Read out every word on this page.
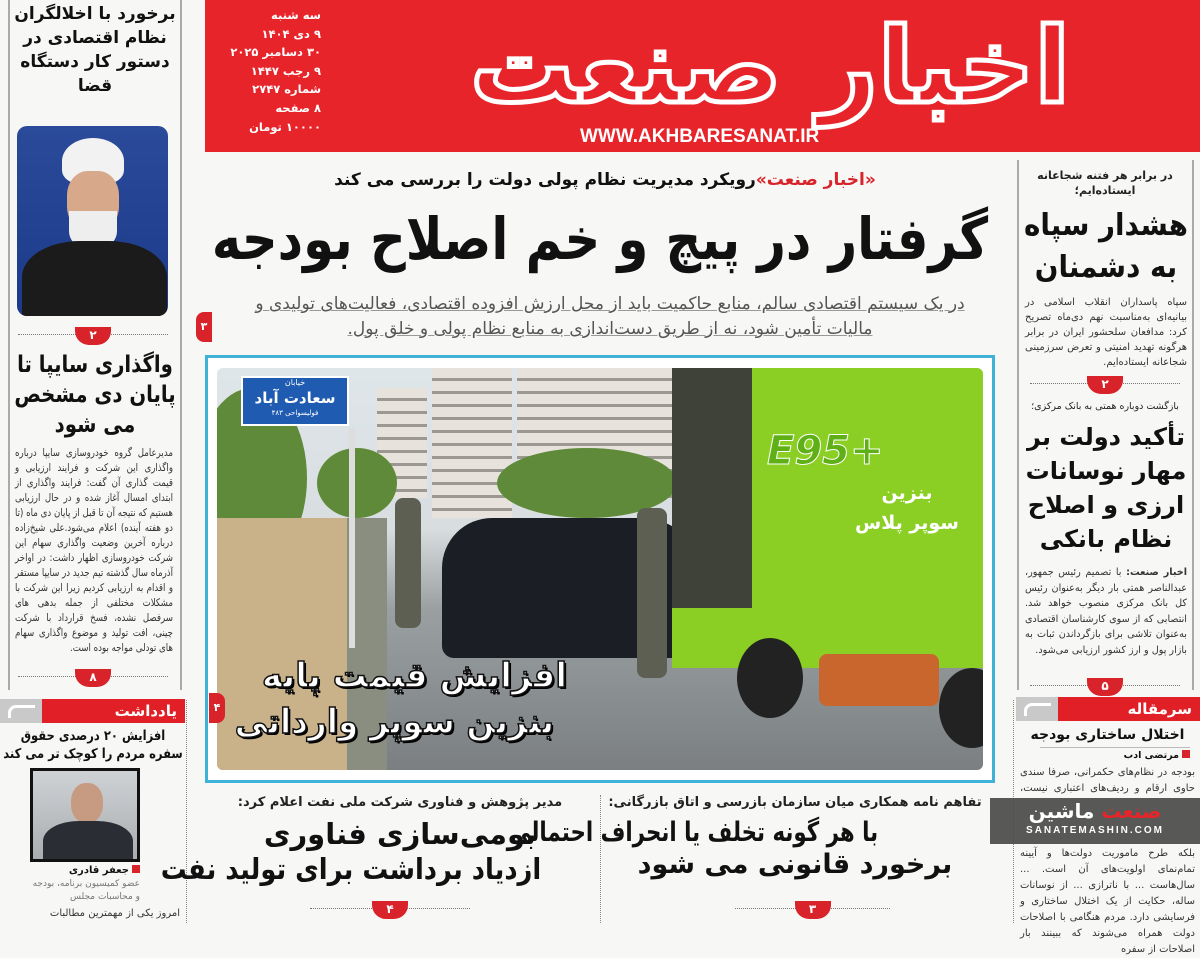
اخبار صنعت
WWW.AKHBARESANAT.IR
سه شنبه
۹ دی ۱۴۰۴
۳۰ دسامبر ۲۰۲۵
۹ رجب ۱۴۴۷
شماره ۲۷۴۷
۸ صفحه
۱۰۰۰۰ تومان
«اخبار صنعت»رویکرد مدیریت نظام پولی دولت را بررسی می کند
گرفتار در پیچ و خم اصلاح بودجه
در یک سیستم اقتصادی سالم، منابع حاکمیت باید از محل ارزش افزوده اقتصادی، فعالیت‌های تولیدی و مالیات تأمین شود، نه از طریق دست‌اندازی به منابع نظام پولی و خلق پول.
۳
خیابان
سعادت آباد
فولیسواحی ۴۸۳
E95+
بنزین
سوپر پلاس
افزایش قیمت پایه
بنزین سوپر وارداتی
۴
مدیر پژوهش و فناوری شرکت ملی نفت اعلام کرد:
بومی‌سازی فناوری
ازدیاد برداشت برای تولید نفت
۴
تفاهم نامه همکاری میان سازمان بازرسی و اتاق بازرگانی:
با هر گونه تخلف یا انحراف احتمالی
برخورد قانونی می شود
۳
برخورد با اخلالگران نظام اقتصادی در دستور کار دستگاه قضا
۲
واگذاری سایپا تا پایان دی مشخص می شود
مدیرعامل گروه خودروسازی سایپا درباره واگذاری این شرکت و فرایند ارزیابی و قیمت گذاری آن گفت: فرایند واگذاری از ابتدای امسال آغاز شده و در حال ارزیابی هستیم که نتیجه آن تا قبل از پایان دی ماه (تا دو هفته آینده) اعلام می‌شود.علی شیخ‌زاده درباره آخرین وضعیت واگذاری سهام این شرکت خودروسازی اظهار داشت: در اواخر آذرماه سال گذشته تیم جدید در سایپا مستقر و اقدام به ارزیابی کردیم زیرا این شرکت با مشکلات مختلفی از جمله بدهی های سرفصل نشده، فسخ قرارداد با شرکت چینی، افت تولید و موضوع واگذاری سهام های تودلی مواجه بوده است.
۸
یادداشت
افزایش ۲۰ درصدی حقوق سفره مردم را کوچک تر می کند
جعفر قادری
عضو کمیسیون برنامه، بودجه و محاسبات مجلس
امروز یکی از مهمترین مطالبات
در برابر هر فتنه شجاعانه ایستاده‌ایم؛
هشدار سپاه به دشمنان
سپاه پاسداران انقلاب اسلامی در بیانیه‌ای به‌مناسبت نهم دی‌ماه تصریح کرد: مدافعان سلحشور ایران در برابر هرگونه تهدید امنیتی و تعرض سرزمینی شجاعانه ایستاده‌ایم.
۲
بازگشت دوباره همتی به بانک مرکزی؛
تأکید دولت بر مهار نوسانات ارزی و اصلاح نظام بانکی
اخبار صنعت: با تصمیم رئیس جمهور، عبدالناصر همتی بار دیگر به‌عنوان رئیس کل بانک مرکزی منصوب خواهد شد. انتصابی که از سوی کارشناسان اقتصادی به‌عنوان تلاشی برای بازگرداندن ثبات به بازار پول و ارز کشور ارزیابی می‌شود.
۵
سرمقاله
اختلال ساختاری بودجه
مرتضی ادب
بودجه در نظام‌های حکمرانی، صرفا سندی حاوی ارقام و ردیف‌های اعتباری نیست، بلکه طرح ماموریت دولت‌ها و آیینه تمام‌نمای اولویت‌های آن است. ... سال‌هاست ... با ناترازی ... از نوسانات ساله، حکایت از یک اختلال ساختاری و فرسایشی دارد. مردم هنگامی با اصلاحات دولت همراه می‌شوند که ببینند بار اصلاحات از سفره
صنعت ماشین
SANATEMASHIN.COM
